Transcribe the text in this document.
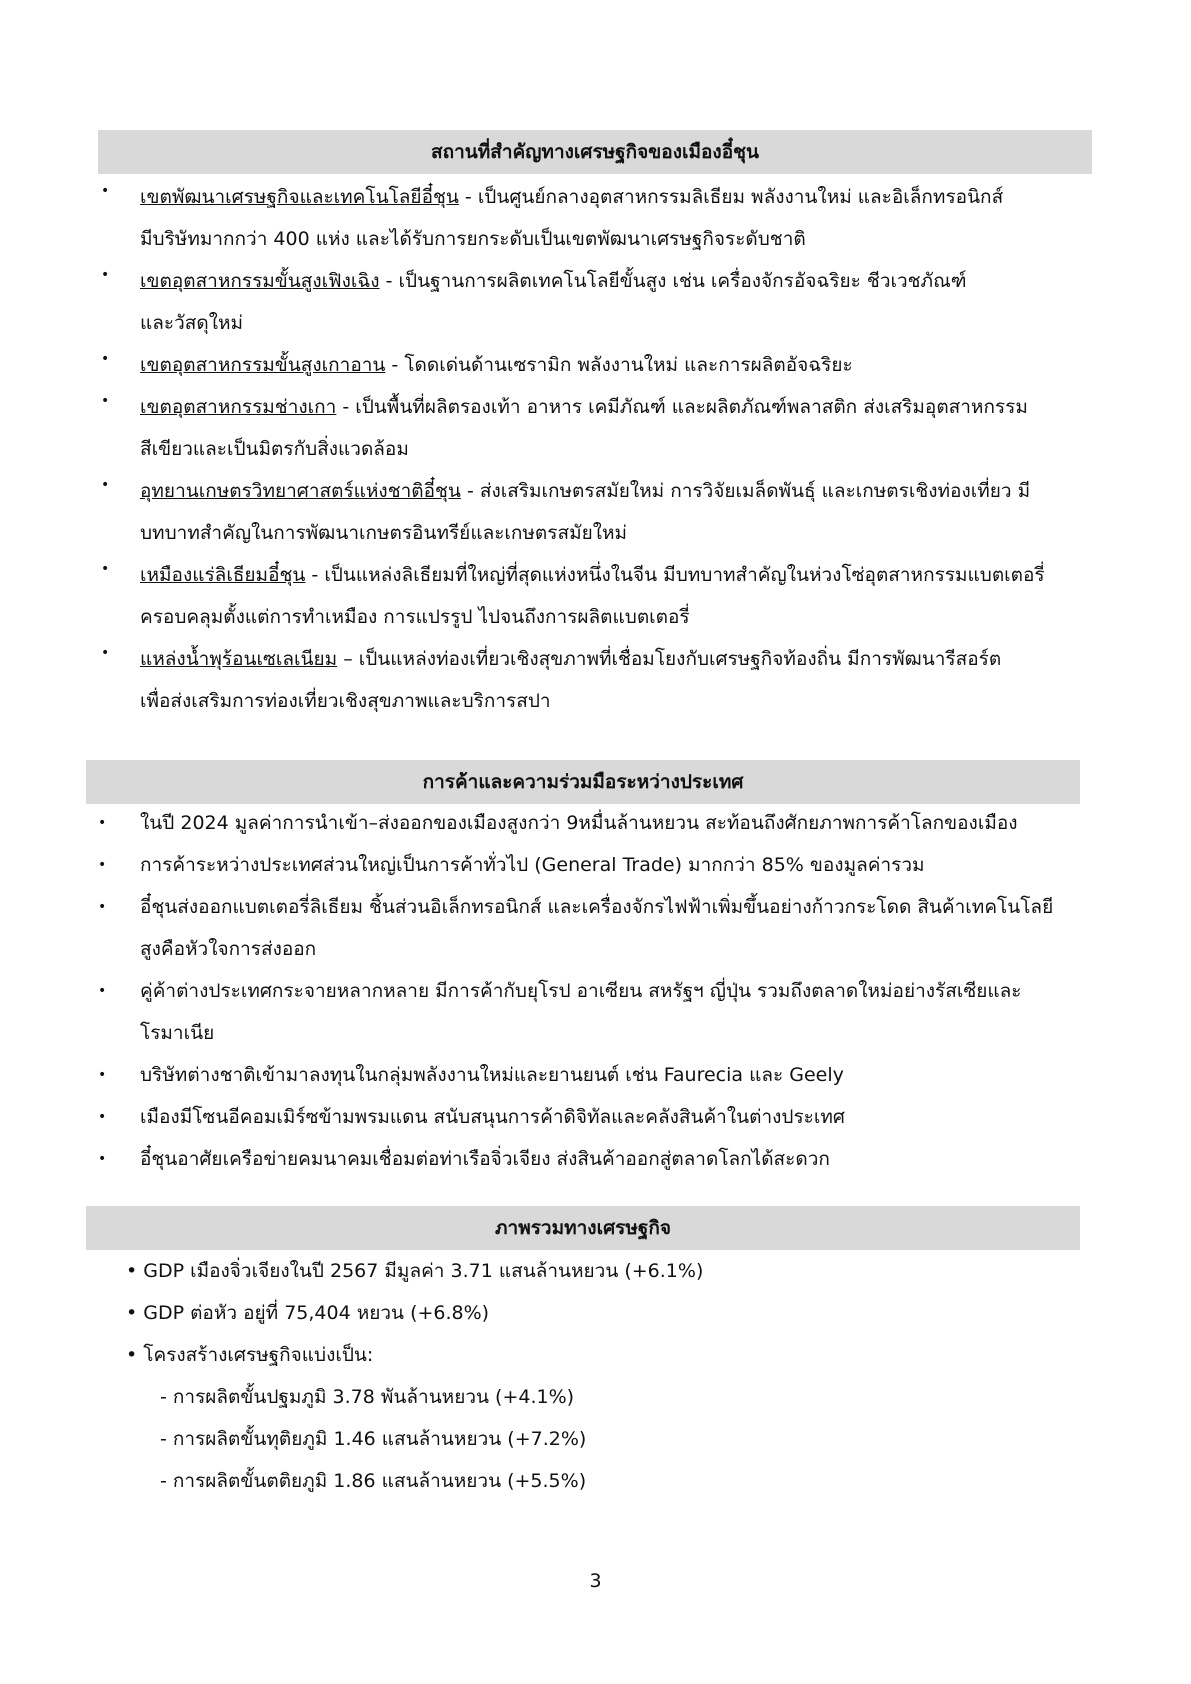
สถานที่สำคัญทางเศรษฐกิจของเมืองอี๋ชุน
• เขตพัฒนาเศรษฐกิจและเทคโนโลยีอี๋ชุน - เป็นศูนย์กลางอุตสาหกรรมลิเธียม พลังงานใหม่ และอิเล็กทรอนิกส์
มีบริษัทมากกว่า 400 แห่ง และได้รับการยกระดับเป็นเขตพัฒนาเศรษฐกิจระดับชาติ
• เขตอุตสาหกรรมขั้นสูงเฟิงเฉิง - เป็นฐานการผลิตเทคโนโลยีขั้นสูง เช่น เครื่องจักรอัจฉริยะ ชีวเวชภัณฑ์
และวัสดุใหม่
• เขตอุตสาหกรรมขั้นสูงเกาอาน - โดดเด่นด้านเซรามิก พลังงานใหม่ และการผลิตอัจฉริยะ
• เขตอุตสาหกรรมช่างเกา - เป็นพื้นที่ผลิตรองเท้า อาหาร เคมีภัณฑ์ และผลิตภัณฑ์พลาสติก ส่งเสริมอุตสาหกรรม
สีเขียวและเป็นมิตรกับสิ่งแวดล้อม
• อุทยานเกษตรวิทยาศาสตร์แห่งชาติอี๋ชุน - ส่งเสริมเกษตรสมัยใหม่ การวิจัยเมล็ดพันธุ์ และเกษตรเชิงท่องเที่ยว มี
บทบาทสำคัญในการพัฒนาเกษตรอินทรีย์และเกษตรสมัยใหม่
• เหมืองแร่ลิเธียมอี๋ชุน - เป็นแหล่งลิเธียมที่ใหญ่ที่สุดแห่งหนึ่งในจีน มีบทบาทสำคัญในห่วงโซ่อุตสาหกรรมแบตเตอรี่
ครอบคลุมตั้งแต่การทำเหมือง การแปรรูป ไปจนถึงการผลิตแบตเตอรี่
• แหล่งน้ำพุร้อนเซเลเนียม – เป็นแหล่งท่องเที่ยวเชิงสุขภาพที่เชื่อมโยงกับเศรษฐกิจท้องถิ่น มีการพัฒนารีสอร์ต
เพื่อส่งเสริมการท่องเที่ยวเชิงสุขภาพและบริการสปา
การค้าและความร่วมมือระหว่างประเทศ
• ในปี 2024 มูลค่าการนำเข้า–ส่งออกของเมืองสูงกว่า 9หมื่นล้านหยวน สะท้อนถึงศักยภาพการค้าโลกของเมือง
• การค้าระหว่างประเทศส่วนใหญ่เป็นการค้าทั่วไป (General Trade) มากกว่า 85% ของมูลค่ารวม
• อี๋ชุนส่งออกแบตเตอรี่ลิเธียม ชิ้นส่วนอิเล็กทรอนิกส์ และเครื่องจักรไฟฟ้าเพิ่มขึ้นอย่างก้าวกระโดด สินค้าเทคโนโลยี
สูงคือหัวใจการส่งออก
• คู่ค้าต่างประเทศกระจายหลากหลาย มีการค้ากับยุโรป อาเซียน สหรัฐฯ ญี่ปุ่น รวมถึงตลาดใหม่อย่างรัสเซียและ
โรมาเนีย
• บริษัทต่างชาติเข้ามาลงทุนในกลุ่มพลังงานใหม่และยานยนต์ เช่น Faurecia และ Geely
• เมืองมีโซนอีคอมเมิร์ซข้ามพรมแดน สนับสนุนการค้าดิจิทัลและคลังสินค้าในต่างประเทศ
• อี๋ชุนอาศัยเครือข่ายคมนาคมเชื่อมต่อท่าเรือจิ่วเจียง ส่งสินค้าออกสู่ตลาดโลกได้สะดวก
ภาพรวมทางเศรษฐกิจ
• GDP เมืองจิ่วเจียงในปี 2567 มีมูลค่า 3.71 แสนล้านหยวน (+6.1%)
• GDP ต่อหัว อยู่ที่ 75,404 หยวน (+6.8%)
• โครงสร้างเศรษฐกิจแบ่งเป็น:
- การผลิตขั้นปฐมภูมิ 3.78 พันล้านหยวน (+4.1%)
- การผลิตขั้นทุติยภูมิ 1.46 แสนล้านหยวน (+7.2%)
- การผลิตขั้นตติยภูมิ 1.86 แสนล้านหยวน (+5.5%)
3
